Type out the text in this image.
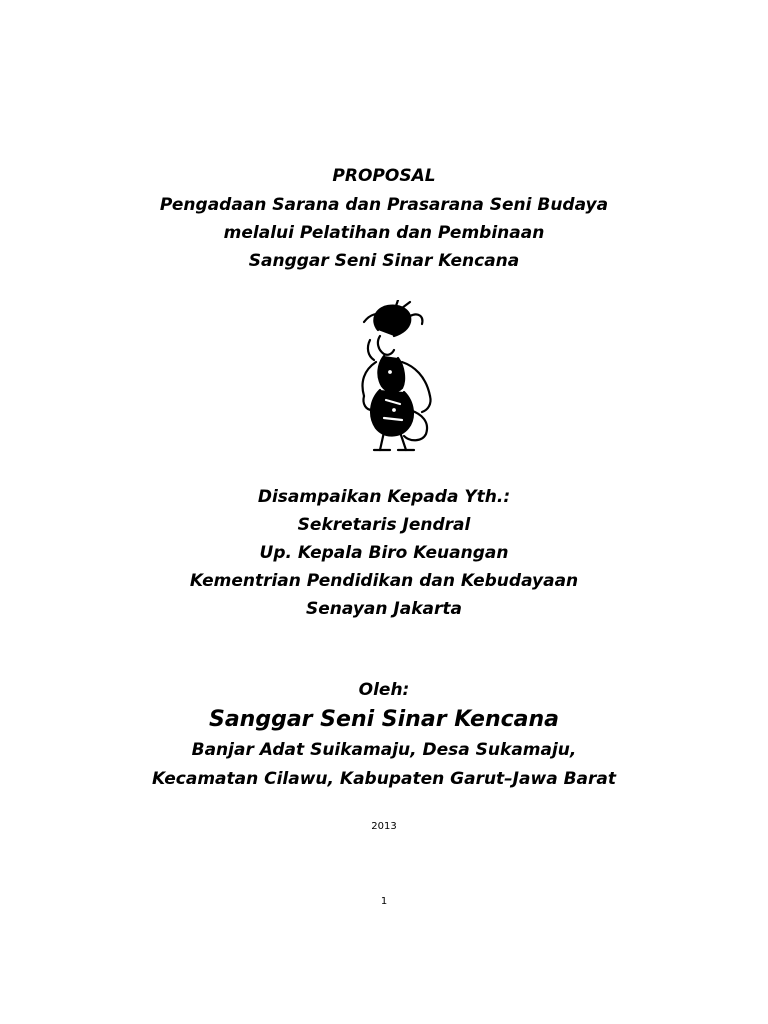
PROPOSAL
Pengadaan Sarana dan Prasarana Seni Budaya
melalui Pelatihan dan Pembinaan
Sanggar Seni Sinar Kencana
Disampaikan Kepada Yth.:
Sekretaris Jendral
Up. Kepala Biro Keuangan
Kementrian Pendidikan dan Kebudayaan
Senayan Jakarta
Oleh:
Sanggar Seni Sinar Kencana
Banjar Adat Suikamaju, Desa Sukamaju,
Kecamatan Cilawu, Kabupaten Garut–Jawa Barat
2013
1
